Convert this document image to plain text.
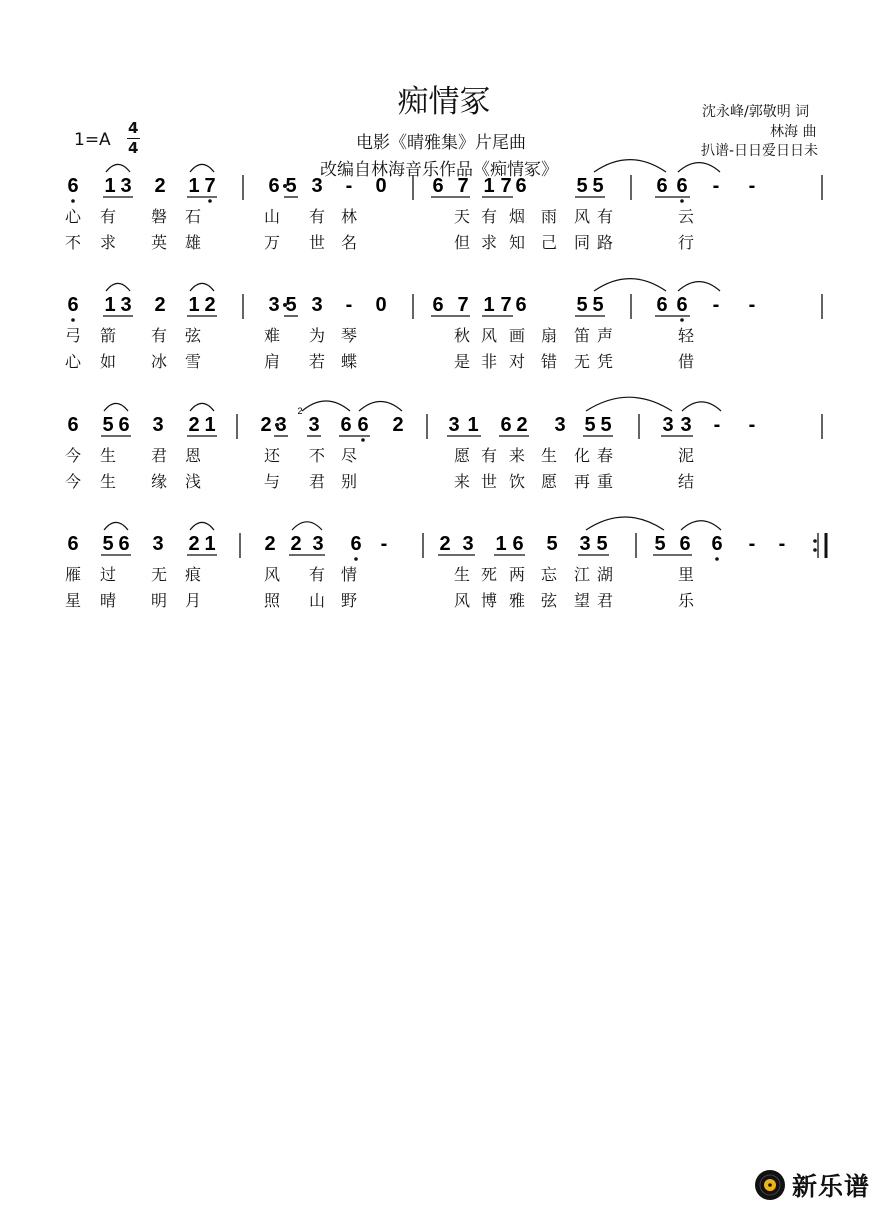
痴情冢
电影《晴雅集》片尾曲
改编自林海音乐作品《痴情冢》
沈永峰/郭敬明 词
林海 曲
扒谱-日日爱日日未
1=A
4
4
6 1 3 2 1 7	6 5 3 - 0 6 7 1 7 6 5 5	6 6 - -
6 1 3 2 1 2	3 5 3 - 0 6 7 1 7 6 5 5	6 6 - -
6 5 6 3 2 1 2 3 3 6 6 2 3 1 6 2 3 5 5	3 3 - -
6 5 6 3 2 1 2 2 3 6 -	2 3 1 6 5 3 5 5 6 6 - -
2
心 有 磐 石	山 有 林	天 有 烟 雨 风 有	云
不 求 英 雄	万 世 名	但 求 知 己 同 路	行
弓 箭 有 弦	难 为 琴	秋 风 画 扇 笛 声	轻
心 如 冰 雪	肩 若 蝶	是 非 对 错 无 凭	借
今 生 君 恩	还 不 尽	愿 有 来 生 化 春	泥
今 生 缘 浅	与 君 别	来 世 饮 愿 再 重	结
雁 过 无 痕	风 有 情	生 死 两 忘 江 湖	里
星 晴 明 月	照 山 野	风 博 雅 弦 望 君	乐
新乐谱
